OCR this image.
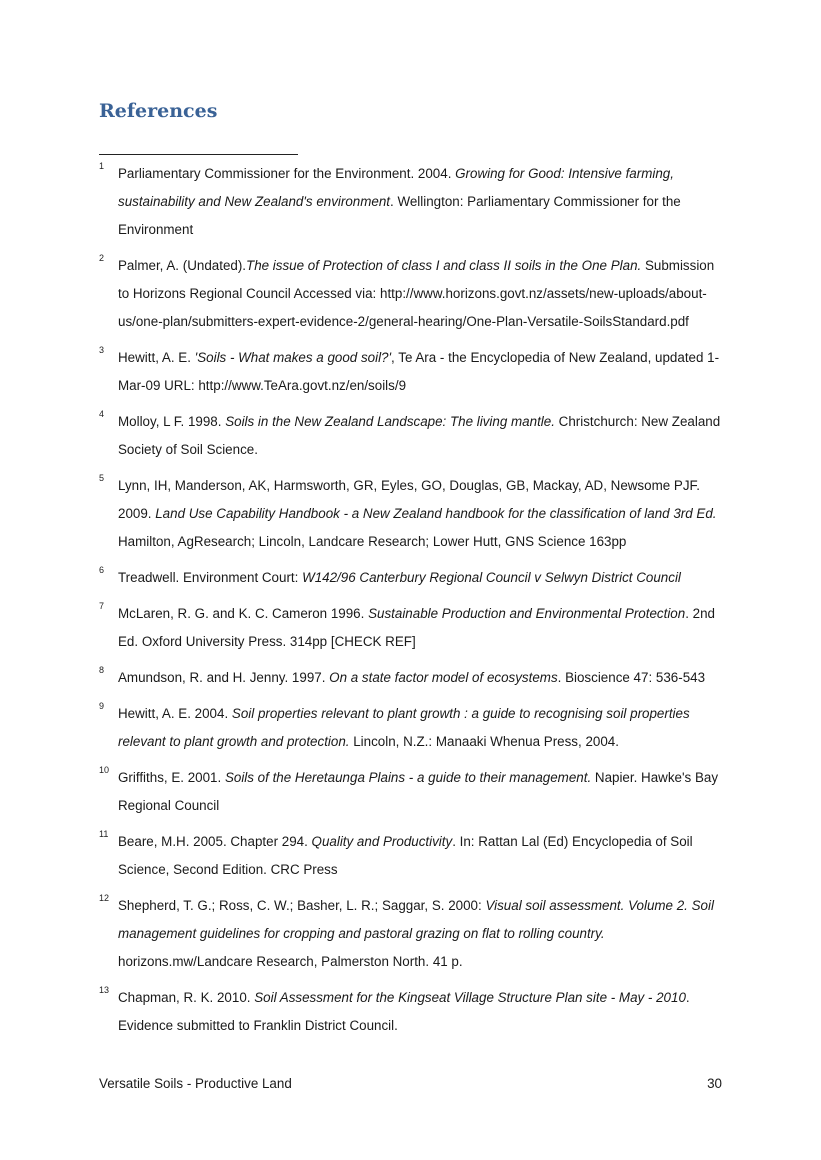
References
1 Parliamentary Commissioner for the Environment. 2004. Growing for Good: Intensive farming, sustainability and New Zealand's environment. Wellington: Parliamentary Commissioner for the Environment

2 Palmer, A. (Undated).The issue of Protection of class I and class II soils in the One Plan. Submission to Horizons Regional Council Accessed via: http://www.horizons.govt.nz/assets/new-uploads/about-us/one-plan/submitters-expert-evidence-2/general-hearing/One-Plan-Versatile-SoilsStandard.pdf

3 Hewitt, A. E. 'Soils - What makes a good soil?', Te Ara - the Encyclopedia of New Zealand, updated 1-Mar-09 URL: http://www.TeAra.govt.nz/en/soils/9

4 Molloy, L F. 1998. Soils in the New Zealand Landscape: The living mantle. Christchurch: New Zealand Society of Soil Science.

5 Lynn, IH, Manderson, AK, Harmsworth, GR, Eyles, GO, Douglas, GB, Mackay, AD, Newsome PJF. 2009. Land Use Capability Handbook - a New Zealand handbook for the classification of land 3rd Ed. Hamilton, AgResearch; Lincoln, Landcare Research; Lower Hutt, GNS Science 163pp

6 Treadwell. Environment Court: W142/96 Canterbury Regional Council v Selwyn District Council

7 McLaren, R. G. and K. C. Cameron 1996. Sustainable Production and Environmental Protection. 2nd Ed. Oxford University Press. 314pp [CHECK REF]

8 Amundson, R. and H. Jenny. 1997. On a state factor model of ecosystems. Bioscience 47: 536-543

9 Hewitt, A. E. 2004. Soil properties relevant to plant growth : a guide to recognising soil properties relevant to plant growth and protection. Lincoln, N.Z.: Manaaki Whenua Press, 2004.

10 Griffiths, E. 2001. Soils of the Heretaunga Plains - a guide to their management. Napier. Hawke's Bay Regional Council

11 Beare, M.H. 2005. Chapter 294. Quality and Productivity. In: Rattan Lal (Ed) Encyclopedia of Soil Science, Second Edition. CRC Press

12 Shepherd, T. G.; Ross, C. W.; Basher, L. R.; Saggar, S. 2000: Visual soil assessment. Volume 2. Soil management guidelines for cropping and pastoral grazing on flat to rolling country. horizons.mw/Landcare Research, Palmerston North. 41 p.

13 Chapman, R. K. 2010. Soil Assessment for the Kingseat Village Structure Plan site - May - 2010. Evidence submitted to Franklin District Council.

Versatile Soils - Productive Land	30
